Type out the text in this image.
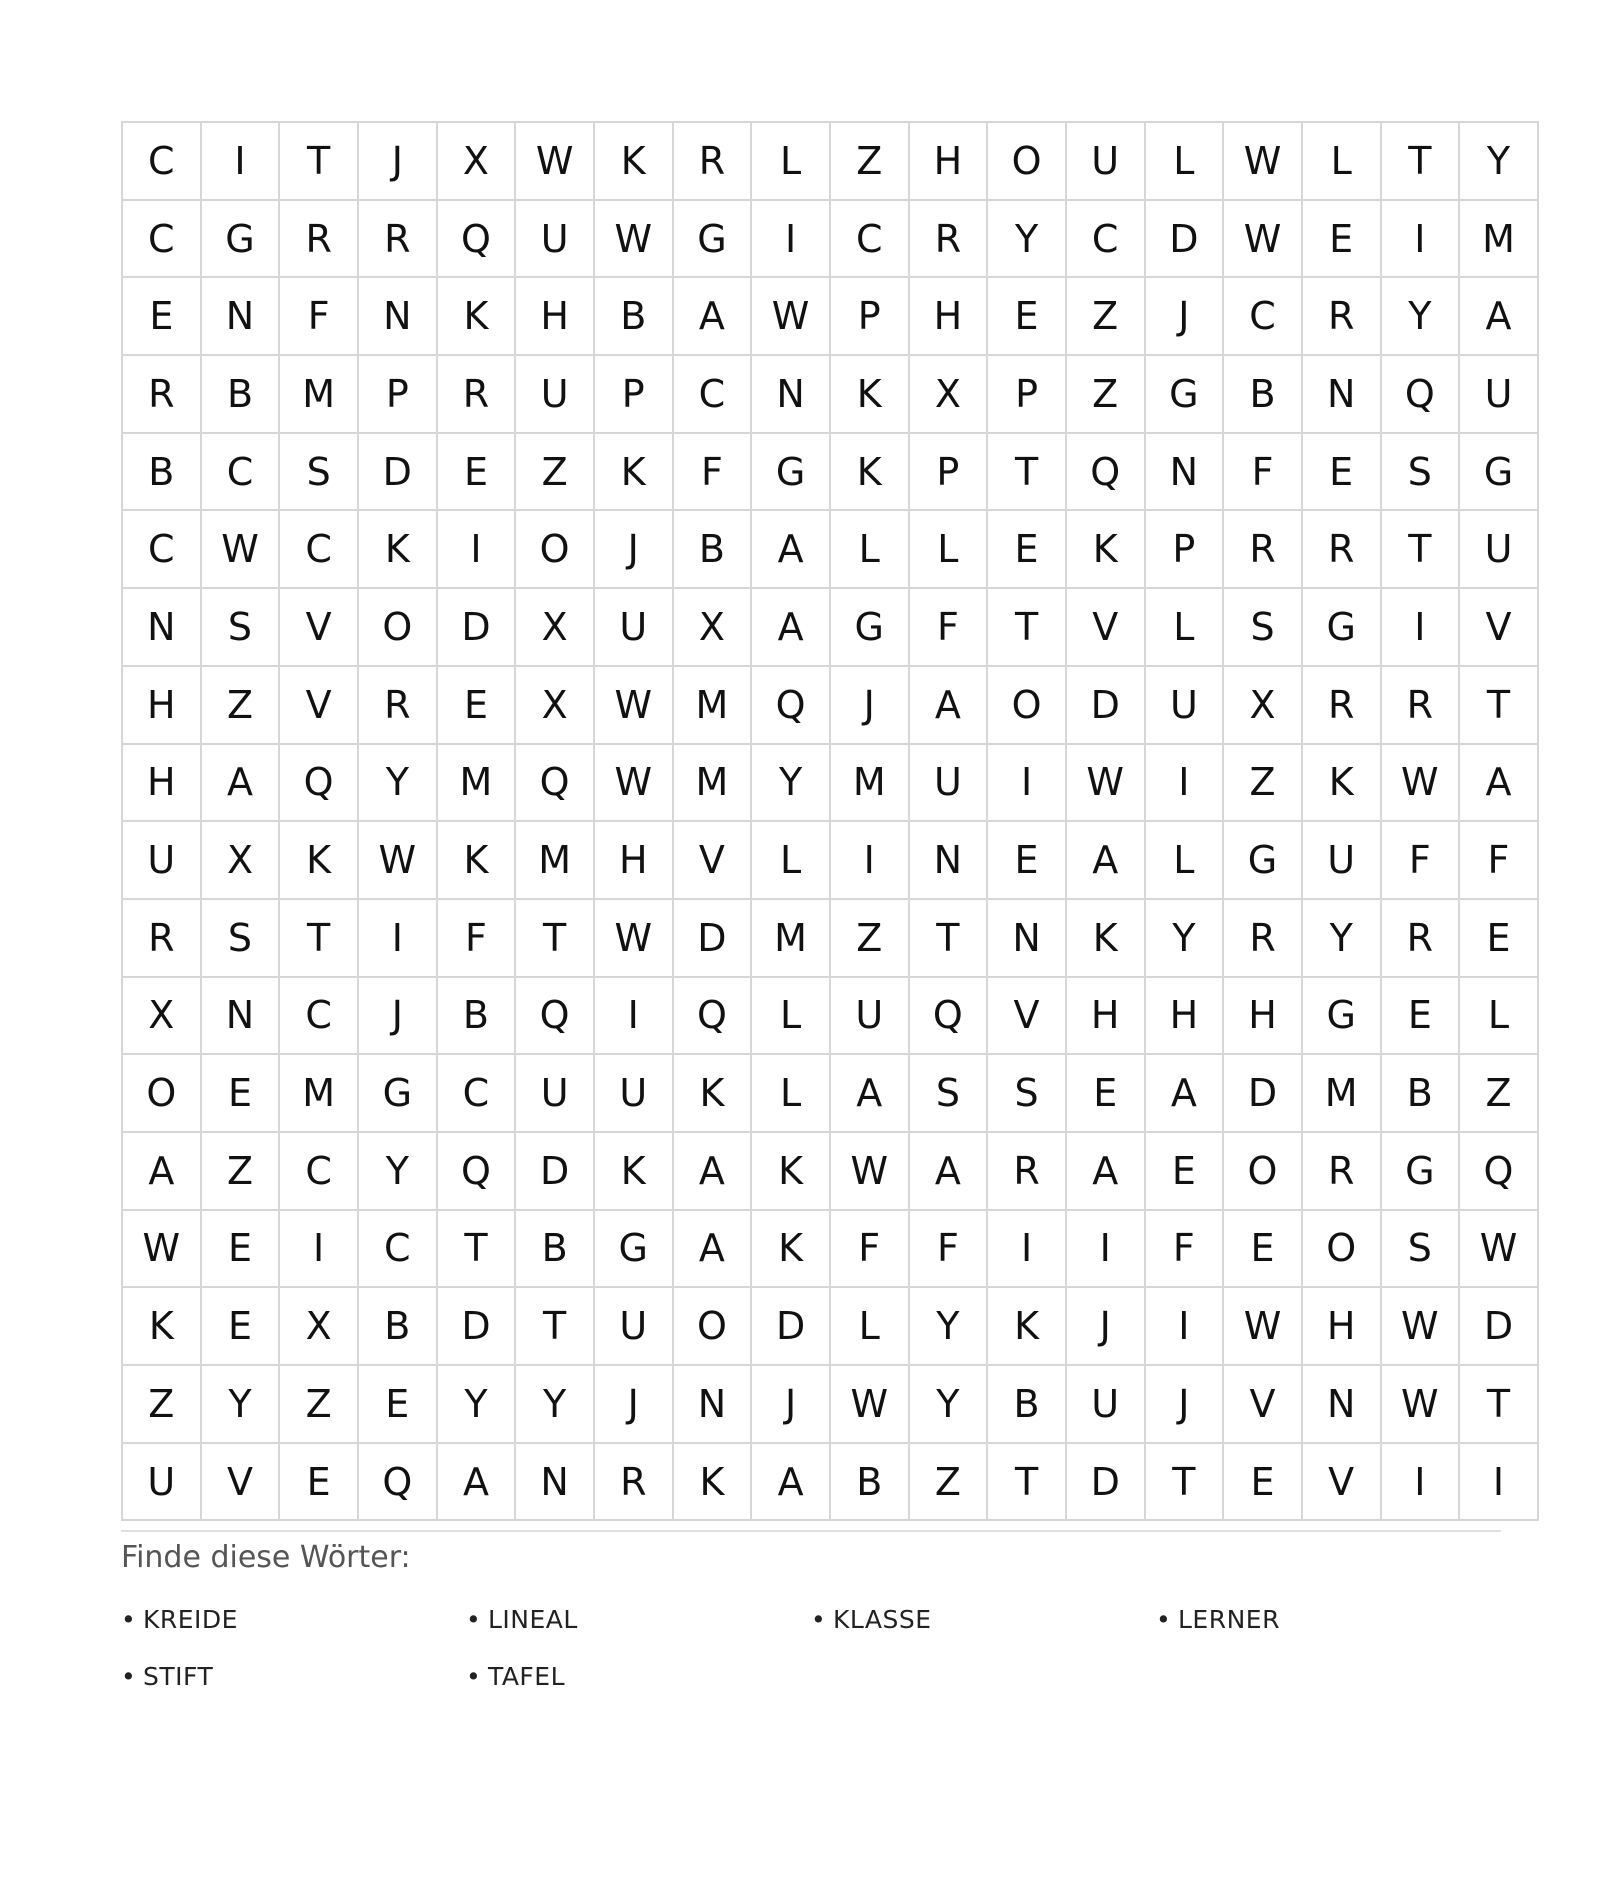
C	I	T	J	X	W	K	R	L	Z	H	O	U	L	W	L	T	Y
C	G	R	R	Q	U	W	G	I	C	R	Y	C	D	W	E	I	M
E	N	F	N	K	H	B	A	W	P	H	E	Z	J	C	R	Y	A
R	B	M	P	R	U	P	C	N	K	X	P	Z	G	B	N	Q	U
B	C	S	D	E	Z	K	F	G	K	P	T	Q	N	F	E	S	G
C	W	C	K	I	O	J	B	A	L	L	E	K	P	R	R	T	U
N	S	V	O	D	X	U	X	A	G	F	T	V	L	S	G	I	V
H	Z	V	R	E	X	W	M	Q	J	A	O	D	U	X	R	R	T
H	A	Q	Y	M	Q	W	M	Y	M	U	I	W	I	Z	K	W	A
U	X	K	W	K	M	H	V	L	I	N	E	A	L	G	U	F	F
R	S	T	I	F	T	W	D	M	Z	T	N	K	Y	R	Y	R	E
X	N	C	J	B	Q	I	Q	L	U	Q	V	H	H	H	G	E	L
O	E	M	G	C	U	U	K	L	A	S	S	E	A	D	M	B	Z
A	Z	C	Y	Q	D	K	A	K	W	A	R	A	E	O	R	G	Q
W	E	I	C	T	B	G	A	K	F	F	I	I	F	E	O	S	W
K	E	X	B	D	T	U	O	D	L	Y	K	J	I	W	H	W	D
Z	Y	Z	E	Y	Y	J	N	J	W	Y	B	U	J	V	N	W	T
U	V	E	Q	A	N	R	K	A	B	Z	T	D	T	E	V	I	I
Finde diese Wörter:
• KREIDE	• LINEAL	• KLASSE	• LERNER
• STIFT	• TAFEL
